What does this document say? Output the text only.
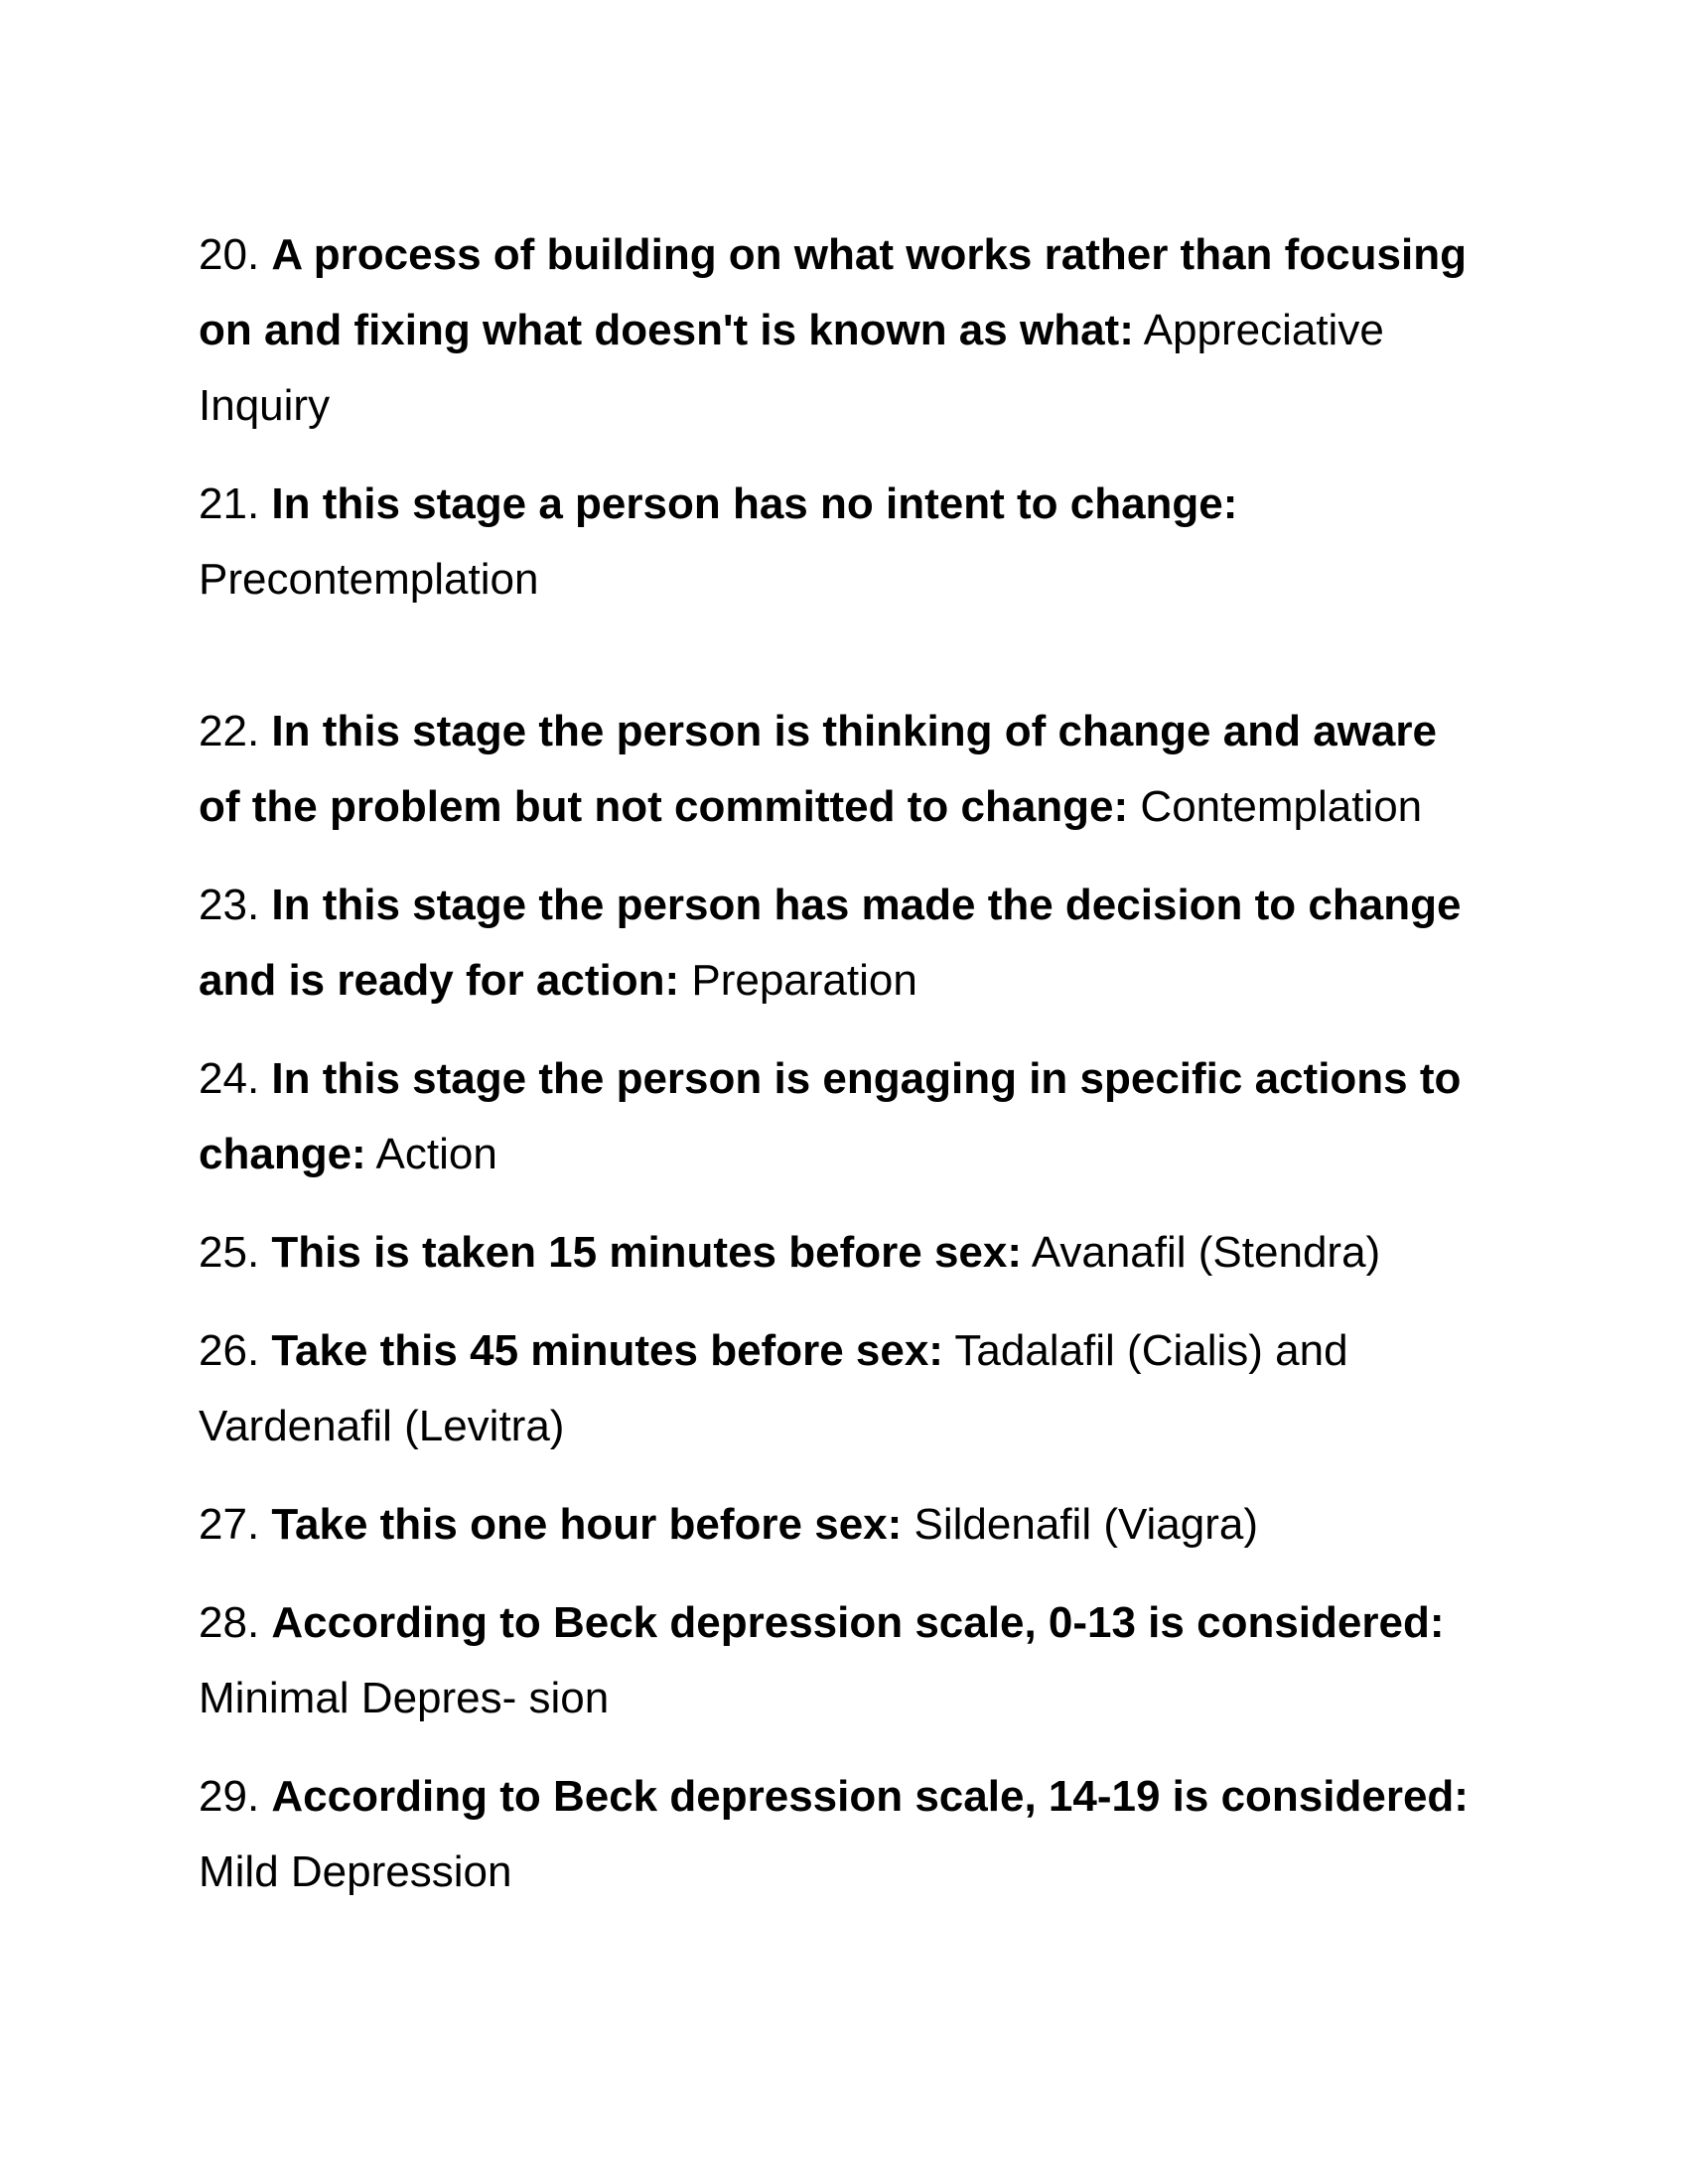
20. A process of building on what works rather than focusing on and fixing what doesn't is known as what: Appreciative Inquiry

21. In this stage a person has no intent to change: Precontemplation

22. In this stage the person is thinking of change and aware of the problem but not committed to change: Contemplation

23. In this stage the person has made the decision to change and is ready for action: Preparation

24. In this stage the person is engaging in specific actions to change: Action

25. This is taken 15 minutes before sex: Avanafil (Stendra)

26. Take this 45 minutes before sex: Tadalafil (Cialis) and Vardenafil (Levitra)

27. Take this one hour before sex: Sildenafil (Viagra)

28. According to Beck depression scale, 0-13 is considered: Minimal Depres- sion

29. According to Beck depression scale, 14-19 is considered: Mild Depression
